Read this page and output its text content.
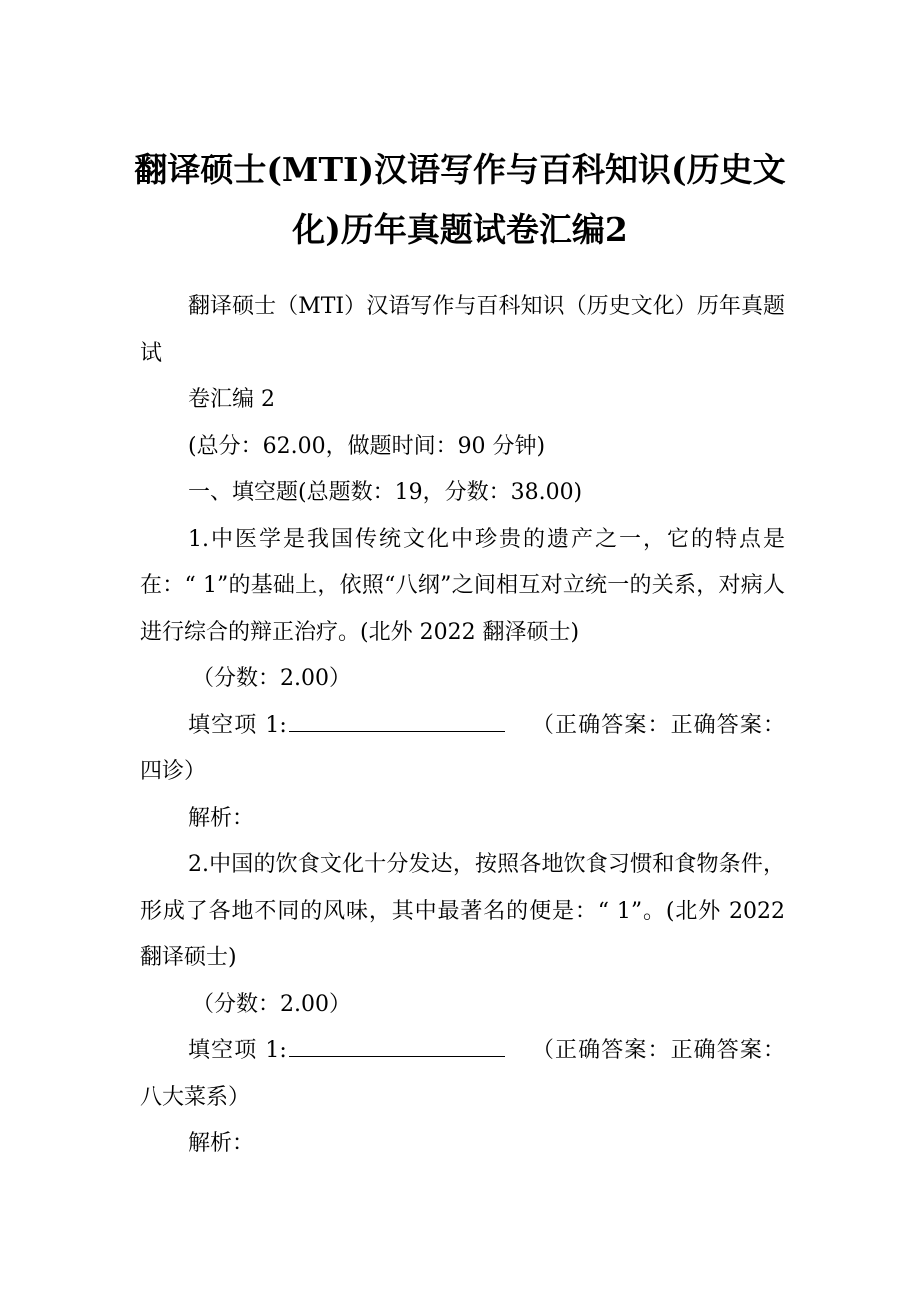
翻译硕士(MTI)汉语写作与百科知识(历史文化)历年真题试卷汇编2

翻译硕士（MTI）汉语写作与百科知识（历史文化）历年真题试

卷汇编 2

(总分：62.00，做题时间：90 分钟)

一、填空题(总题数：19，分数：38.00)

1.中医学是我国传统文化中珍贵的遗产之一，它的特点是在：“ 1”的基础上，依照“八纲”之间相互对立统一的关系，对病人进行综合的辩正治疗。(北外 2022 翻泽硕士)

（分数：2.00）

填空项 1:	（正确答案：正确答案：四诊）

解析：

2.中国的饮食文化十分发达，按照各地饮食习惯和食物条件，形成了各地不同的风味，其中最著名的便是：“ 1”。(北外 2022 翻译硕士)

（分数：2.00）

填空项 1:	（正确答案：正确答案：八大菜系）

解析：
